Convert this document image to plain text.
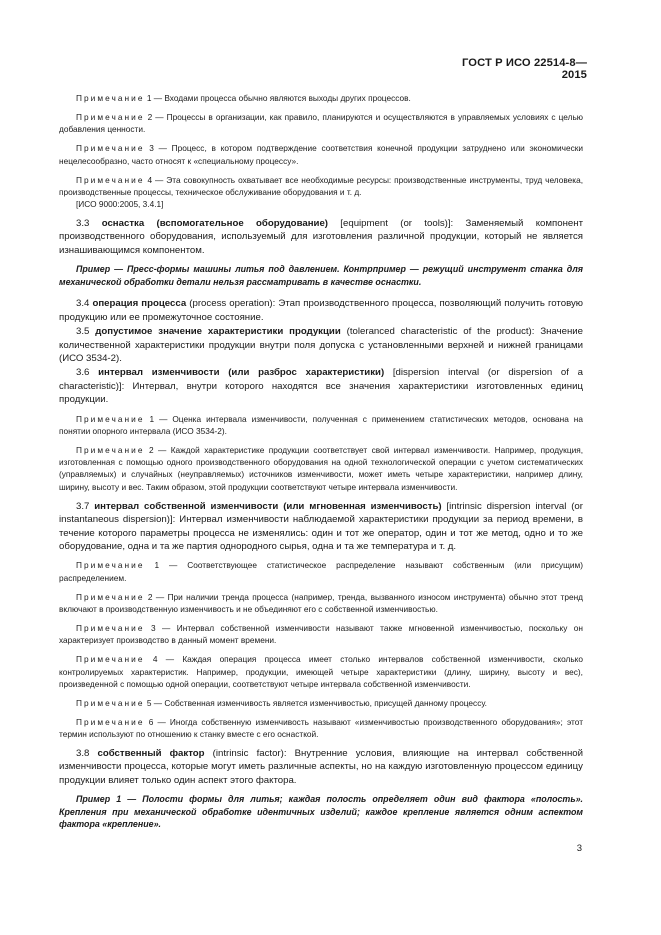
ГОСТ Р ИСО 22514-8—2015

Примечание 1 — Входами процесса обычно являются выходы других процессов.

Примечание 2 — Процессы в организации, как правило, планируются и осуществляются в управляемых условиях с целью добавления ценности.

Примечание 3 — Процесс, в котором подтверждение соответствия конечной продукции затруднено или экономически нецелесообразно, часто относят к «специальному процессу».

Примечание 4 — Эта совокупность охватывает все необходимые ресурсы: производственные инструменты, труд человека, производственные процессы, техническое обслуживание оборудования и т. д.

[ИСО 9000:2005, 3.4.1]

3.3 оснастка (вспомогательное оборудование) [equipment (or tools)]: Заменяемый компонент производственного оборудования, используемый для изготовления различной продукции, который не является изнашивающимся компонентом.

Пример — Пресс-формы машины литья под давлением. Контрпример — режущий инструмент станка для механической обработки детали нельзя рассматривать в качестве оснастки.

3.4 операция процесса (process operation): Этап производственного процесса, позволяющий получить готовую продукцию или ее промежуточное состояние.

3.5 допустимое значение характеристики продукции (toleranced characteristic of the product): Значение количественной характеристики продукции внутри поля допуска с установленными верхней и нижней границами (ИСО 3534-2).

3.6 интервал изменчивости (или разброс характеристики) [dispersion interval (or dispersion of a characteristic)]: Интервал, внутри которого находятся все значения характеристики изготовленных единиц продукции.

Примечание 1 — Оценка интервала изменчивости, полученная с применением статистических методов, основана на понятии опорного интервала (ИСО 3534-2).

Примечание 2 — Каждой характеристике продукции соответствует свой интервал изменчивости. Например, продукция, изготовленная с помощью одного производственного оборудования на одной технологической операции с учетом систематических (управляемых) и случайных (неуправляемых) источников изменчивости, может иметь четыре характеристики, например длину, ширину, высоту и вес. Таким образом, этой продукции соответствуют четыре интервала изменчивости.

3.7 интервал собственной изменчивости (или мгновенная изменчивость) [intrinsic dispersion interval (or instantaneous dispersion)]: Интервал изменчивости наблюдаемой характеристики продукции за период времени, в течение которого параметры процесса не изменялись: один и тот же оператор, один и тот же метод, одно и то же оборудование, одна и та же партия однородного сырья, одна и та же температура и т. д.

Примечание 1 — Соответствующее статистическое распределение называют собственным (или присущим) распределением.

Примечание 2 — При наличии тренда процесса (например, тренда, вызванного износом инструмента) обычно этот тренд включают в производственную изменчивость и не объединяют его с собственной изменчивостью.

Примечание 3 — Интервал собственной изменчивости называют также мгновенной изменчивостью, поскольку он характеризует производство в данный момент времени.

Примечание 4 — Каждая операция процесса имеет столько интервалов собственной изменчивости, сколько контролируемых характеристик. Например, продукции, имеющей четыре характеристики (длину, ширину, высоту и вес), произведенной с помощью одной операции, соответствуют четыре интервала собственной изменчивости.

Примечание 5 — Собственная изменчивость является изменчивостью, присущей данному процессу.

Примечание 6 — Иногда собственную изменчивость называют «изменчивостью производственного оборудования»; этот термин используют по отношению к станку вместе с его оснасткой.

3.8 собственный фактор (intrinsic factor): Внутренние условия, влияющие на интервал собственной изменчивости процесса, которые могут иметь различные аспекты, но на каждую изготовленную процессом единицу продукции влияет только один аспект этого фактора.

Пример 1 — Полости формы для литья; каждая полость определяет один вид фактора «полость». Крепления при механической обработке идентичных изделий; каждое крепление является одним аспектом фактора «крепление».

3
